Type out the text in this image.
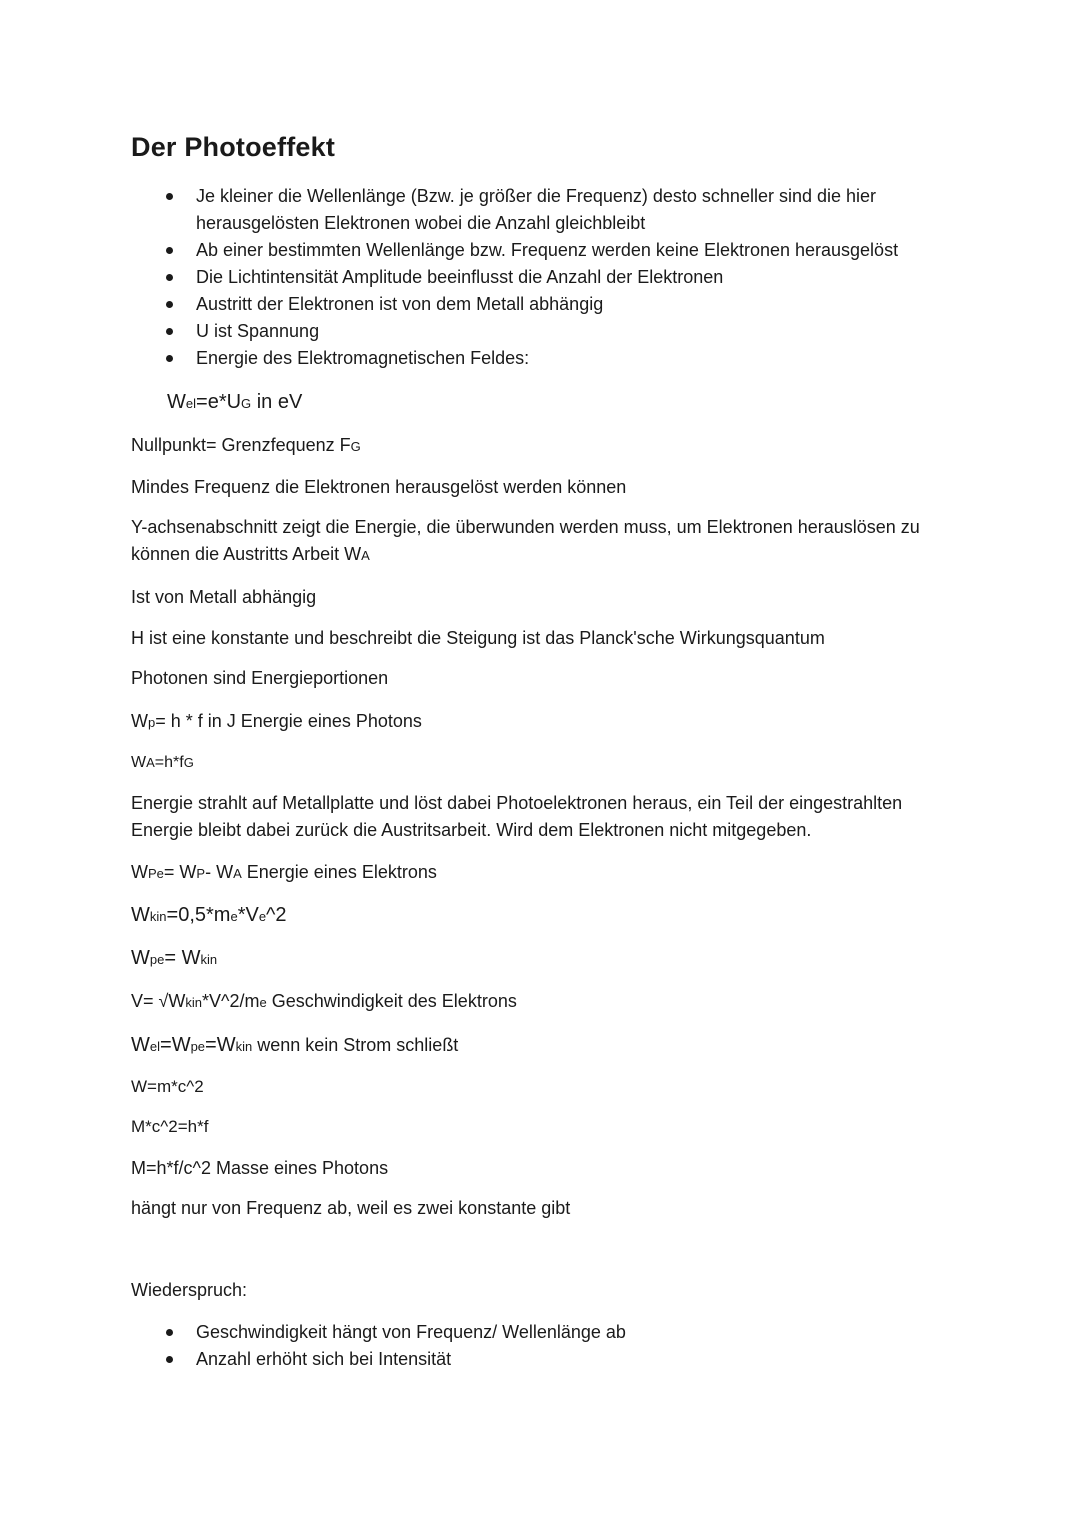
Der Photoeffekt
Je kleiner die Wellenlänge (Bzw. je größer die Frequenz) desto schneller sind die hier herausgelösten Elektronen wobei die Anzahl gleichbleibt
Ab einer bestimmten Wellenlänge bzw. Frequenz werden keine Elektronen herausgelöst
Die Lichtintensität Amplitude beeinflusst die Anzahl der Elektronen
Austritt der Elektronen ist von dem Metall abhängig
U ist Spannung
Energie des Elektromagnetischen Feldes:
Wel=e*UG in eV
Nullpunkt= Grenzfequenz FG
Mindes Frequenz die Elektronen herausgelöst werden können
Y-achsenabschnitt zeigt die Energie, die überwunden werden muss, um Elektronen herauslösen zu können die Austritts Arbeit WA
Ist von Metall abhängig
H ist eine konstante und beschreibt die Steigung ist das Planck'sche Wirkungsquantum
Photonen sind Energieportionen
Wp= h * f in J Energie eines Photons
WA=h*fG
Energie strahlt auf Metallplatte und löst dabei Photoelektronen heraus, ein Teil der eingestrahlten Energie bleibt dabei zurück die Austritsarbeit. Wird dem Elektronen nicht mitgegeben.
WPe= WP- WA Energie eines Elektrons
Wkin=0,5*me*Ve^2
Wpe= Wkin
V= √Wkin*V^2/me Geschwindigkeit des Elektrons
Wel=Wpe=Wkin wenn kein Strom schließt
W=m*c^2
M*c^2=h*f
M=h*f/c^2 Masse eines Photons
hängt nur von Frequenz ab, weil es zwei konstante gibt
Wiederspruch:
Geschwindigkeit hängt von Frequenz/ Wellenlänge ab
Anzahl erhöht sich bei Intensität
